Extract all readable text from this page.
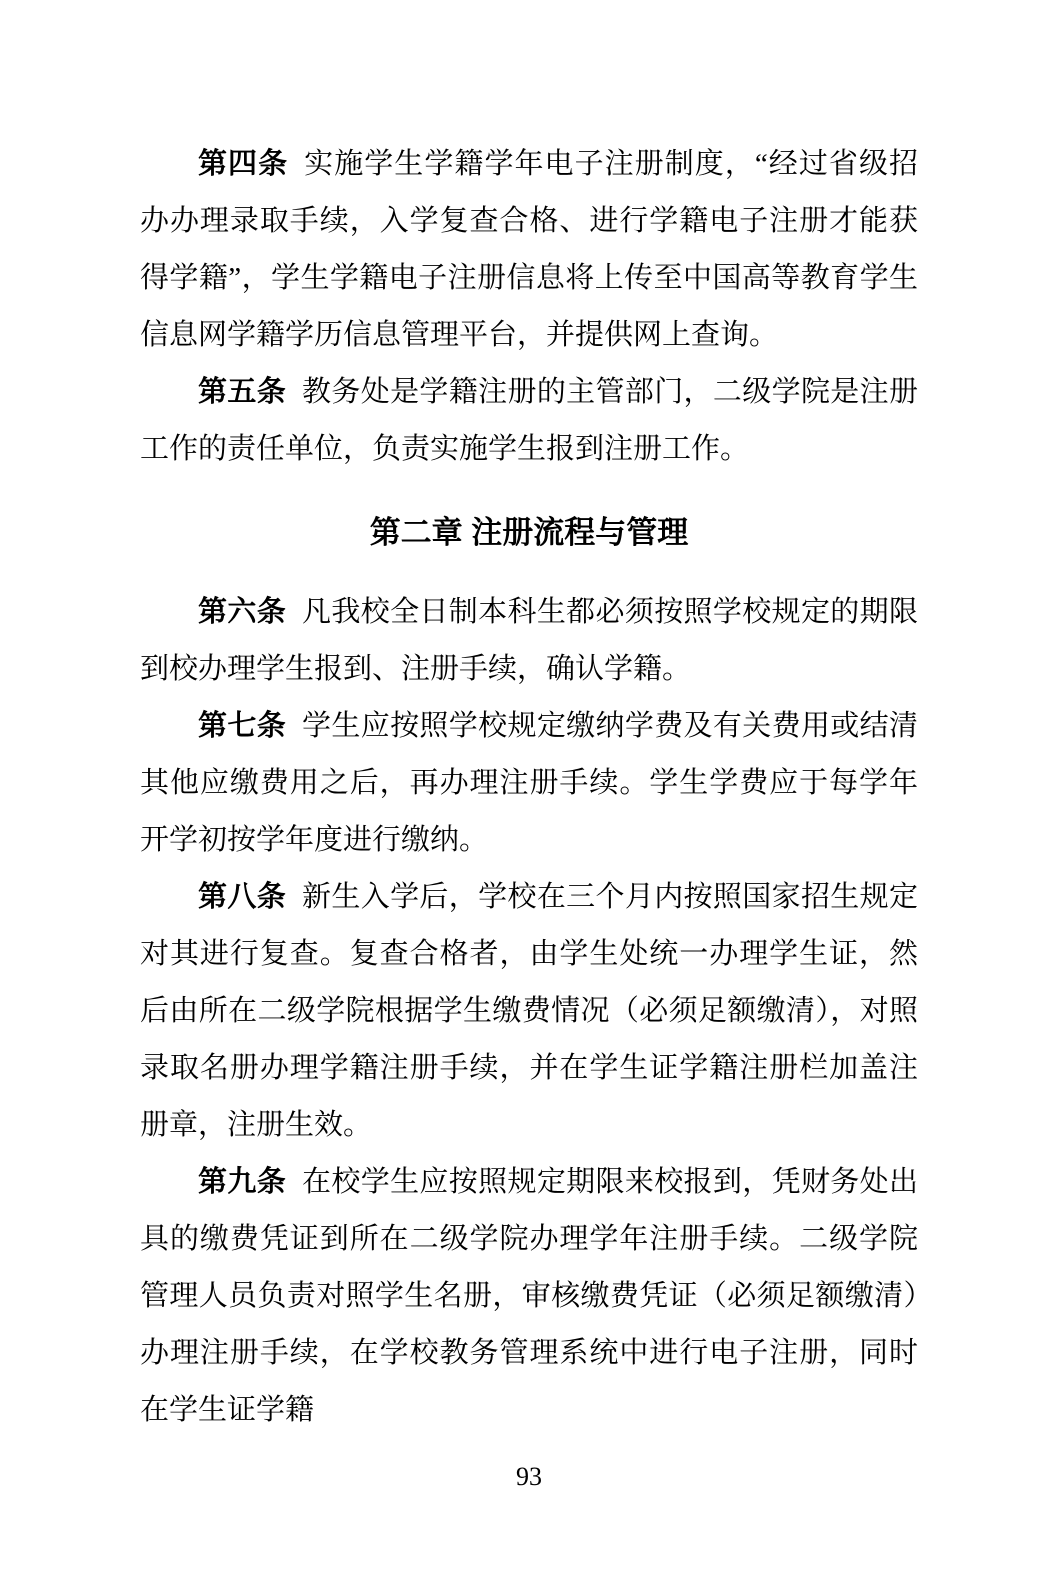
第四条 实施学生学籍学年电子注册制度，“经过省级招办办理录取手续，入学复查合格、进行学籍电子注册才能获得学籍”，学生学籍电子注册信息将上传至中国高等教育学生信息网学籍学历信息管理平台，并提供网上查询。

第五条 教务处是学籍注册的主管部门，二级学院是注册工作的责任单位，负责实施学生报到注册工作。

第二章 注册流程与管理

第六条 凡我校全日制本科生都必须按照学校规定的期限到校办理学生报到、注册手续，确认学籍。

第七条 学生应按照学校规定缴纳学费及有关费用或结清其他应缴费用之后，再办理注册手续。学生学费应于每学年开学初按学年度进行缴纳。

第八条 新生入学后，学校在三个月内按照国家招生规定对其进行复查。复查合格者，由学生处统一办理学生证，然后由所在二级学院根据学生缴费情况（必须足额缴清），对照录取名册办理学籍注册手续，并在学生证学籍注册栏加盖注册章，注册生效。

第九条 在校学生应按照规定期限来校报到，凭财务处出具的缴费凭证到所在二级学院办理学年注册手续。二级学院管理人员负责对照学生名册，审核缴费凭证（必须足额缴清）办理注册手续，在学校教务管理系统中进行电子注册，同时在学生证学籍

93
